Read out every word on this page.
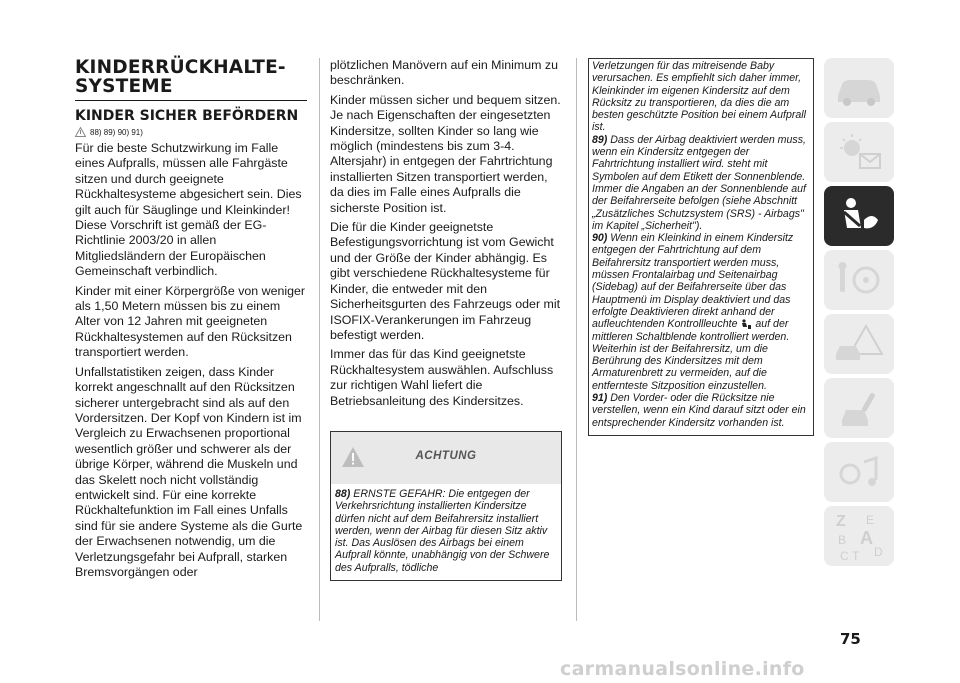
KINDERRÜCKHALTE-SYSTEME
KINDER SICHER BEFÖRDERN
88) 89) 90) 91)

Für die beste Schutzwirkung im Falle eines Aufpralls, müssen alle Fahrgäste sitzen und durch geeignete Rückhaltesysteme abgesichert sein. Dies gilt auch für Säuglinge und Kleinkinder! Diese Vorschrift ist gemäß der EG-Richtlinie 2003/20 in allen Mitgliedsländern der Europäischen Gemeinschaft verbindlich.

Kinder mit einer Körpergröße von weniger als 1,50 Metern müssen bis zu einem Alter von 12 Jahren mit geeigneten Rückhaltesystemen auf den Rücksitzen transportiert werden.

Unfallstatistiken zeigen, dass Kinder korrekt angeschnallt auf den Rücksitzen sicherer untergebracht sind als auf den Vordersitzen. Der Kopf von Kindern ist im Vergleich zu Erwachsenen proportional wesentlich größer und schwerer als der übrige Körper, während die Muskeln und das Skelett noch nicht vollständig entwickelt sind. Für eine korrekte Rückhaltefunktion im Fall eines Unfalls sind für sie andere Systeme als die Gurte der Erwachsenen notwendig, um die Verletzungsgefahr bei Aufprall, starken Bremsvorgängen oder

plötzlichen Manövern auf ein Minimum zu beschränken.

Kinder müssen sicher und bequem sitzen. Je nach Eigenschaften der eingesetzten Kindersitze, sollten Kinder so lang wie möglich (mindestens bis zum 3-4. Altersjahr) in entgegen der Fahrtrichtung installierten Sitzen transportiert werden, da dies im Falle eines Aufpralls die sicherste Position ist.

Die für die Kinder geeignetste Befestigungsvorrichtung ist vom Gewicht und der Größe der Kinder abhängig. Es gibt verschiedene Rückhaltesysteme für Kinder, die entweder mit den Sicherheitsgurten des Fahrzeugs oder mit ISOFIX-Verankerungen im Fahrzeug befestigt werden.

Immer das für das Kind geeignetste Rückhaltesystem auswählen. Aufschluss zur richtigen Wahl liefert die Betriebsanleitung des Kindersitzes.

ACHTUNG

88) ERNSTE GEFAHR: Die entgegen der Verkehrsrichtung installierten Kindersitze dürfen nicht auf dem Beifahrersitz installiert werden, wenn der Airbag für diesen Sitz aktiv ist. Das Auslösen des Airbags bei einem Aufprall könnte, unabhängig von der Schwere des Aufpralls, tödliche

Verletzungen für das mitreisende Baby verursachen. Es empfiehlt sich daher immer, Kleinkinder im eigenen Kindersitz auf dem Rücksitz zu transportieren, da dies die am besten geschützte Position bei einem Aufprall ist.

89) Dass der Airbag deaktiviert werden muss, wenn ein Kindersitz entgegen der Fahrtrichtung installiert wird. steht mit Symbolen auf dem Etikett der Sonnenblende. Immer die Angaben an der Sonnenblende auf der Beifahrerseite befolgen (siehe Abschnitt „Zusätzliches Schutzsystem (SRS) - Airbags" im Kapitel „Sicherheit").

90) Wenn ein Kleinkind in einem Kindersitz entgegen der Fahrtrichtung auf dem Beifahrersitz transportiert werden muss, müssen Frontalairbag und Seitenairbag (Sidebag) auf der Beifahrerseite über das Hauptmenü im Display deaktiviert und das erfolgte Deaktivieren direkt anhand der aufleuchtenden Kontrollleuchte auf der mittleren Schaltblende kontrolliert werden. Weiterhin ist der Beifahrersitz, um die Berührung des Kindersitzes mit dem Armaturenbrett zu vermeiden, auf die entfernteste Sitzposition einzustellen.

91) Den Vorder- oder die Rücksitze nie verstellen, wenn ein Kind darauf sitzt oder ein entsprechender Kindersitz vorhanden ist.

Z E
B A
C T D
75
carmanualsonline.info
